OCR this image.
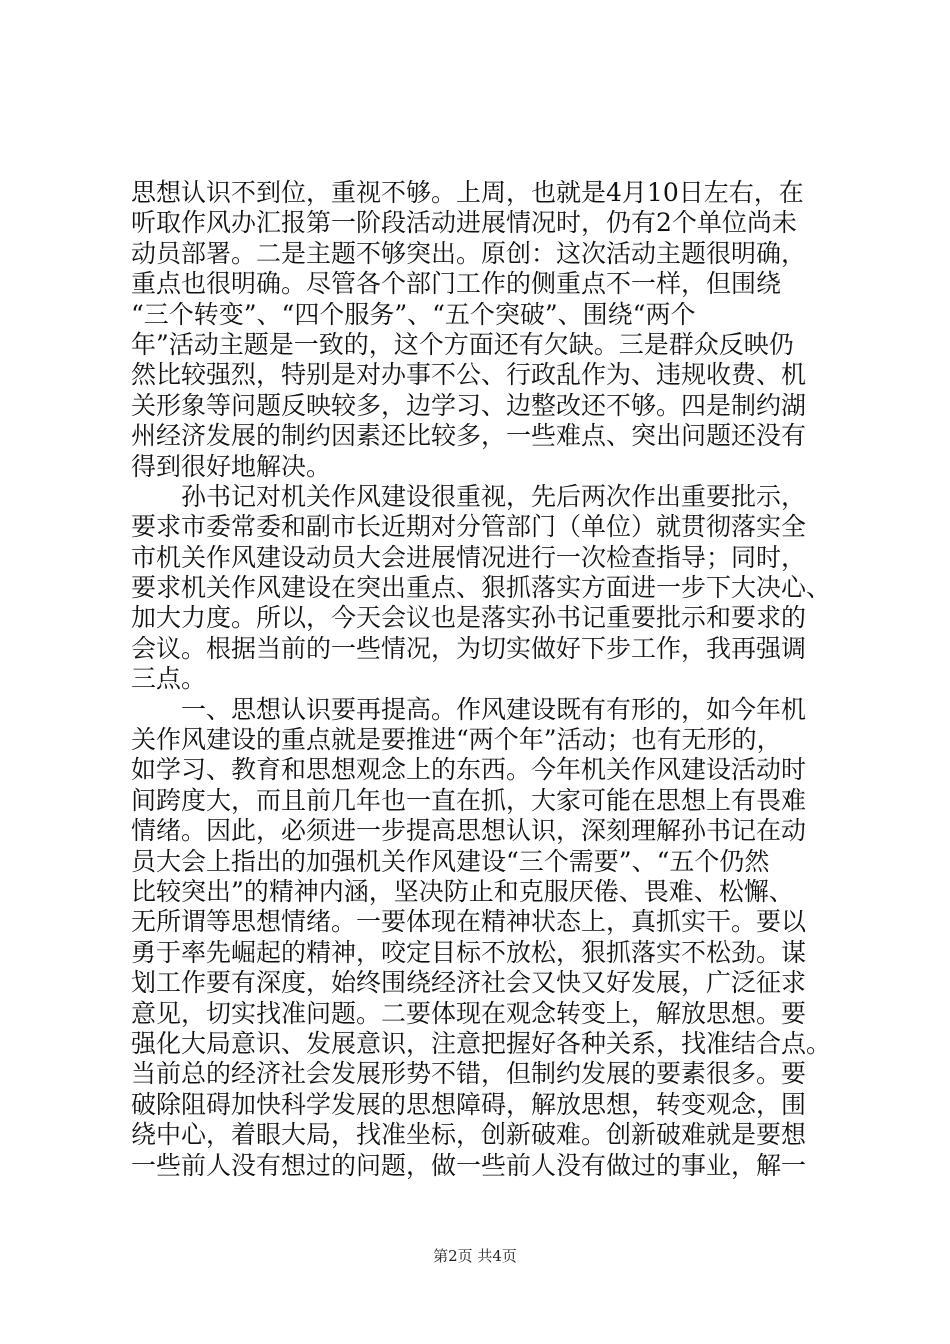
思想认识不到位，重视不够。上周，也就是4月10日左右，在
听取作风办汇报第一阶段活动进展情况时，仍有2个单位尚未
动员部署。二是主题不够突出。原创：这次活动主题很明确，
重点也很明确。尽管各个部门工作的侧重点不一样，但围绕
“三个转变”、“四个服务”、“五个突破”、围绕“两个
年”活动主题是一致的，这个方面还有欠缺。三是群众反映仍
然比较强烈，特别是对办事不公、行政乱作为、违规收费、机
关形象等问题反映较多，边学习、边整改还不够。四是制约湖
州经济发展的制约因素还比较多，一些难点、突出问题还没有
得到很好地解决。
　　孙书记对机关作风建设很重视，先后两次作出重要批示，
要求市委常委和副市长近期对分管部门（单位）就贯彻落实全
市机关作风建设动员大会进展情况进行一次检查指导；同时，
要求机关作风建设在突出重点、狠抓落实方面进一步下大决心、
加大力度。所以，今天会议也是落实孙书记重要批示和要求的
会议。根据当前的一些情况，为切实做好下步工作，我再强调
三点。
　　一、思想认识要再提高。作风建设既有有形的，如今年机
关作风建设的重点就是要推进“两个年”活动；也有无形的，
如学习、教育和思想观念上的东西。今年机关作风建设活动时
间跨度大，而且前几年也一直在抓，大家可能在思想上有畏难
情绪。因此，必须进一步提高思想认识，深刻理解孙书记在动
员大会上指出的加强机关作风建设“三个需要”、“五个仍然
比较突出”的精神内涵，坚决防止和克服厌倦、畏难、松懈、
无所谓等思想情绪。一要体现在精神状态上，真抓实干。要以
勇于率先崛起的精神，咬定目标不放松，狠抓落实不松劲。谋
划工作要有深度，始终围绕经济社会又快又好发展，广泛征求
意见，切实找准问题。二要体现在观念转变上，解放思想。要
强化大局意识、发展意识，注意把握好各种关系，找准结合点。
当前总的经济社会发展形势不错，但制约发展的要素很多。要
破除阻碍加快科学发展的思想障碍，解放思想，转变观念，围
绕中心，着眼大局，找准坐标，创新破难。创新破难就是要想
一些前人没有想过的问题，做一些前人没有做过的事业，解一
第2页 共4页
